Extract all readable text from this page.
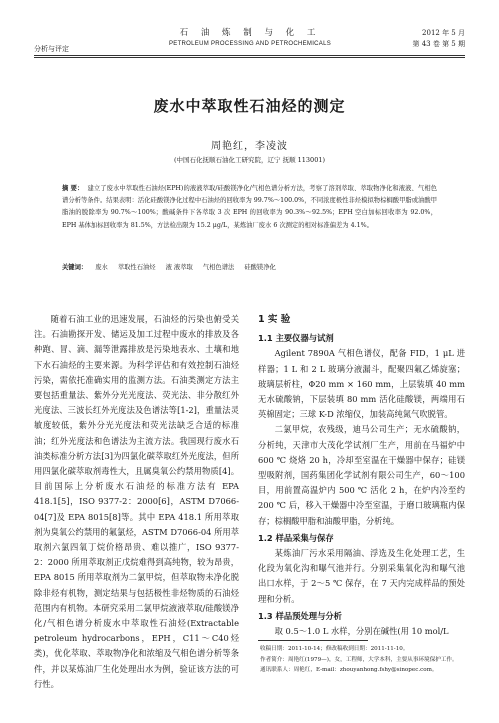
分析与评定
石 油 炼 制 与 化 工
PETROLEUM PROCESSING AND PETROCHEMICALS
2012 年 5 月
第 43 卷 第 5 期
废水中萃取性石油烃的测定
周艳红，李凌波
(中国石化抚顺石油化工研究院，辽宁 抚顺 113001)
摘 要： 建立了废水中萃取性石油烃(EPH)的液液萃取/硅酸镁净化/气相色谱分析方法，考察了溶剂萃取、萃取物净化和液液、气相色谱分析等条件。结果表明：活化硅酸镁净化过程中石油烃的回收率为 99.7%～100.0%，不同浓度极性非烃模拟物棕榈酸甲脂或油酸甲脂油的脱除率为 90.7%～100%；酸碱条件下各萃取 3 次 EPH 的回收率为 90.3%～92.5%；EPH 空白加标回收率为 92.0%，EPH 基体加标回收率为 81.5%，方法检出限为 15.2 μg/L，某炼油厂废水 6 次测定的相对标准偏差为 4.1%。
关键词： 废水 萃取性石油烃 液 液萃取 气相色谱法 硅酸镁净化

随着石油工业的迅速发展，石油烃的污染也俯受关注。石油勘探开发、储运及加工过程中废水的排放及各种跑、冒、滴、漏等泄露排放是污染地表水、土壤和地下水石油烃的主要来源。为科学评估和有效控制石油烃污染，需依托准确实用的监测方法。石油类测定方法主要包括重量法、紫外分光光度法、荧光法、非分散红外光度法、三波长红外光度法及色谱法等[1-2]，重量法灵敏度较低，紫外分光光度法和荧光法缺乏合适的标准油；红外光度法和色谱法为主流方法。我国现行废水石油类标准分析方法[3]为四氯化碳萃取红外光度法，但所用四氯化碳萃取剂毒性大，且属臭氧公约禁用物质[4]。目前国际上分析废水石油烃的标准方法有 EPA 418.1[5]，ISO 9377-2：2000[6]，ASTM D7066-04[7]及 EPA 8015[8]等。其中 EPA 418.1 所用萃取剂为臭氧公约禁用的氟氯烃，ASTM D7066-04 所用萃取剂六氯四氧丁烷价格昂贵、难以推广，ISO 9377-2：2000 所用萃取剂正戊烷难得到高纯物，较为昂贵，EPA 8015 所用萃取剂为二氯甲烷，但萃取物未净化脱除非烃有机物，测定结果与包括极性非烃物质的石油烃范围内有机物。本研究采用二氯甲烷液液萃取/硅酸镁净化/气相色谱分析废水中萃取性石油烃(Extractable petroleum hydrocarbons，EPH，C11～C40烃类)，优化萃取、萃取物净化和浓缩及气相色谱分析等条件，并以某炼油厂生化处理出水为例，验证该方法的可行性。

1 实 验
1.1 主要仪器与试剂

Agilent 7890A 气相色谱仪，配备 FID，1 μL 进样器；1 L 和 2 L 玻璃分液漏斗，配聚四氟乙烯旋塞；玻璃层析柱，Φ20 mm × 160 mm，上层装填 40 mm 无水硫酸钠，下层装填 80 mm 活化硅酸镁，两端用石英棉固定；三球 K-D 浓缩仪，加装高纯氮气吹脱管。

二氯甲烷，农残级，迪马公司生产；无水硫酸钠，分析纯，天津市大茂化学试剂厂生产，用前在马福炉中 600 ℃ 烧烙 20 h，冷却至室温在干燥器中保存；硅镁型吸附剂，国药集团化学试剂有限公司生产，60～100 目，用前置高温炉内 500 ℃ 活化 2 h，在炉内冷至约 200 ℃ 后，移入干燥器中冷至室温，于磨口玻璃瓶内保存；棕榈酸甲脂和油酸甲脂，分析纯。

1.2 样品采集与保存

某炼油厂污水采用隔油、浮选及生化处理工艺，生化段为氧化沟和曝气池并行。分别采集氧化沟和曝气池出口水样，于 2～5 ℃ 保存，在 7 天内完成样品的预处理和分析。

1.3 样品预处理与分析

取 0.5～1.0 L 水样，分别在碱性(用 10 mol/L

收稿日期：2011-10-14；修改稿收到日期：2011-11-10。
作者简介：周艳红(1979—)，女，工程师，大学本科，主要从事环境保护工作。
通讯联系人：周艳红，E-mail：zhouyanhong.fshy@sinopec.com。
